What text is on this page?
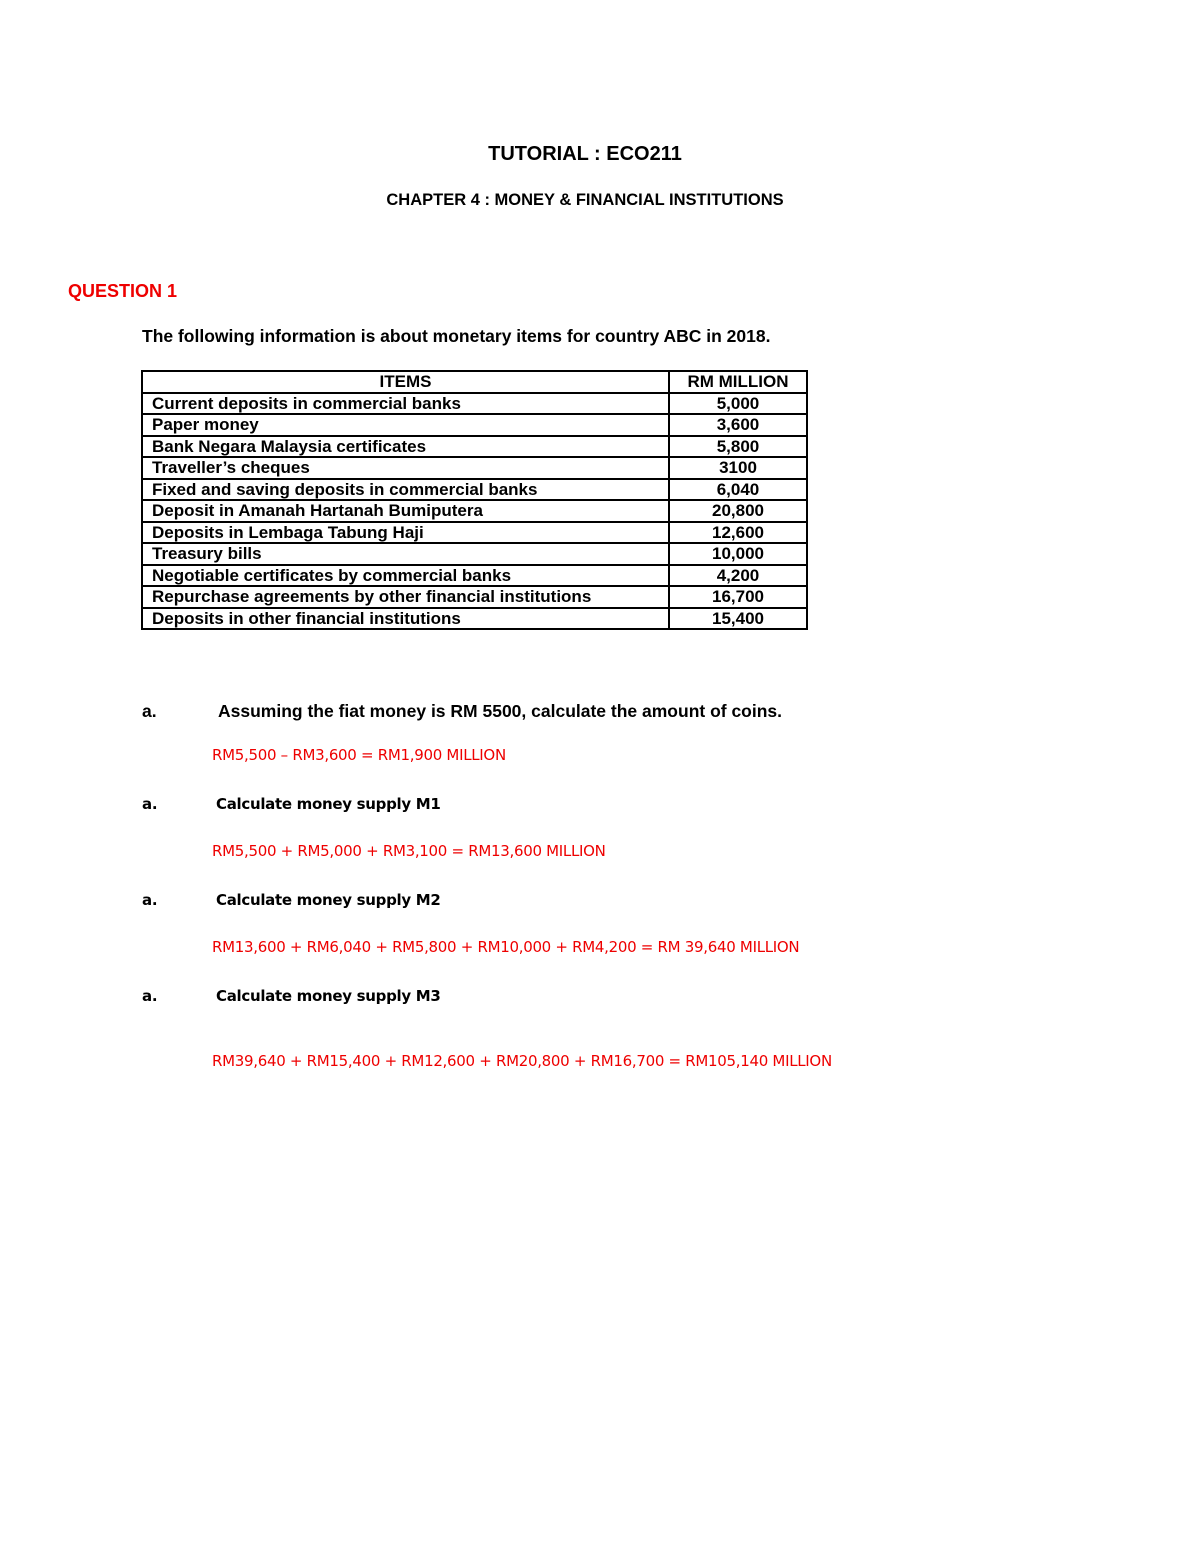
TUTORIAL : ECO211
CHAPTER 4 : MONEY & FINANCIAL INSTITUTIONS
QUESTION 1
The following information is about monetary items for country ABC in 2018.
ITEMS	RM MILLION
Current deposits in commercial banks	5,000
Paper money	3,600
Bank Negara Malaysia certificates	5,800
Traveller’s cheques	3100
Fixed and saving deposits in commercial banks	6,040
Deposit in Amanah Hartanah Bumiputera	20,800
Deposits in Lembaga Tabung Haji	12,600
Treasury bills	10,000
Negotiable certificates by commercial banks	4,200
Repurchase agreements by other financial institutions	16,700
Deposits in other financial institutions	15,400
a.	Assuming the fiat money is RM 5500, calculate the amount of coins.
RM5,500 – RM3,600 = RM1,900 MILLION
a.	Calculate money supply M1
RM5,500 + RM5,000 + RM3,100 = RM13,600 MILLION
a.	Calculate money supply M2
RM13,600 + RM6,040 + RM5,800 + RM10,000 + RM4,200 = RM 39,640 MILLION
a.	Calculate money supply M3
RM39,640 + RM15,400 + RM12,600 + RM20,800 + RM16,700 = RM105,140 MILLION
